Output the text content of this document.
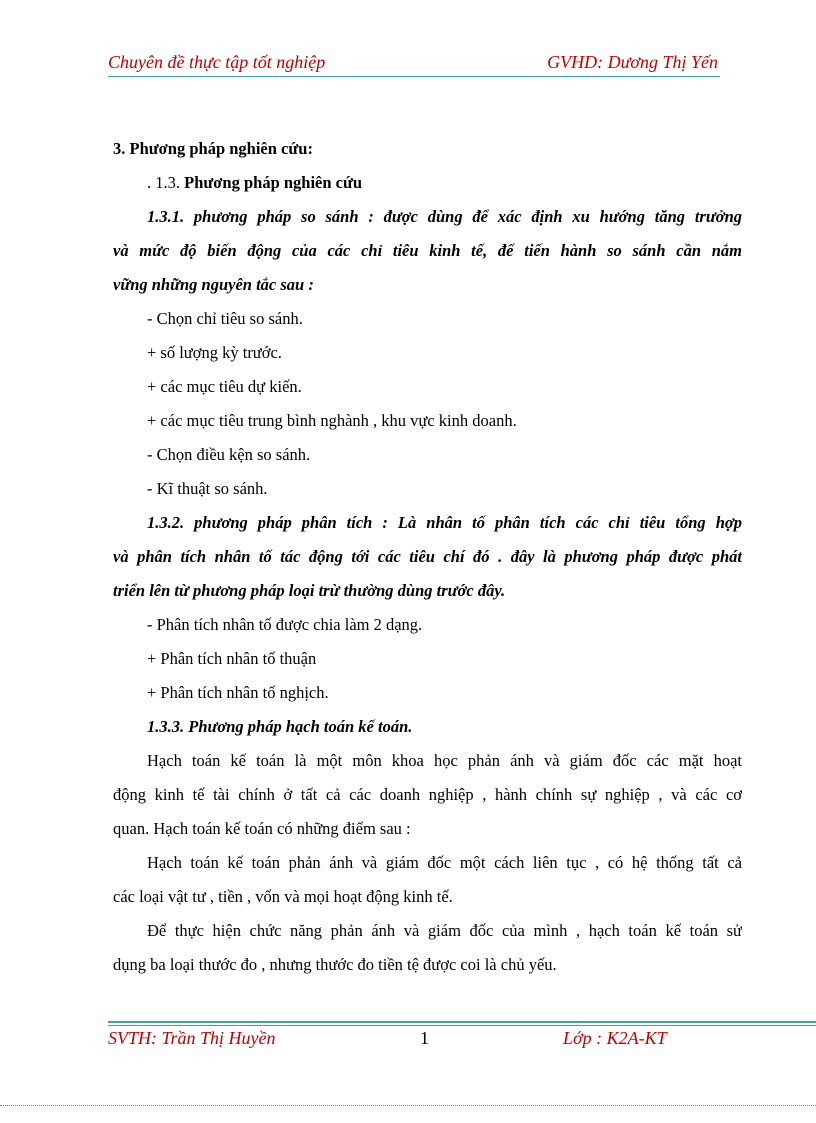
Chuyên đề thực tập tốt nghiệp	GVHD: Dương Thị Yến
3. Phương pháp nghiên cứu:
. 1.3. Phương pháp nghiên cứu
1.3.1. phương pháp so sánh : được dùng để xác định xu hướng tăng trưởng
và mức độ biến động của các chỉ tiêu kinh tế, để tiến hành so sánh cần nắm
vững những nguyên tắc sau :
- Chọn chỉ tiêu so sánh.
+ số lượng kỳ trước.
+ các mục tiêu dự kiến.
+ các mục tiêu trung bình nghành , khu vực kinh doanh.
- Chọn điều kện so sánh.
- Kĩ thuật so sánh.
1.3.2. phương pháp phân tích : Là nhân tố phân tích các chỉ tiêu tổng hợp
và phân tích nhân tố tác động tới các tiêu chí đó . đây là phương pháp được phát
triển lên từ phương pháp loại trừ thường dùng trước đây.
- Phân tích nhân tố được chia làm 2 dạng.
+ Phân tích nhân tố thuận
+ Phân tích nhân tố nghịch.
1.3.3. Phương pháp hạch toán kế toán.
Hạch toán kế toán là một môn khoa học phản ánh và giám đốc các mặt hoạt
động kinh tế tài chính ở tất cả các doanh nghiệp , hành chính sự nghiệp , và các cơ
quan. Hạch toán kế toán có những điểm sau :
Hạch toán kế toán phản ánh và giám đốc một cách liên tục , có hệ thống tất cả
các loại vật tư , tiền , vốn và mọi hoạt động kinh tế.
Để thực hiện chức năng phản ánh và giám đốc của mình , hạch toán kế toán sử
dụng ba loại thước đo , nhưng thước đo tiền tệ được coi là chủ yếu.
SVTH: Trần Thị Huyền	1	Lớp : K2A-KT
